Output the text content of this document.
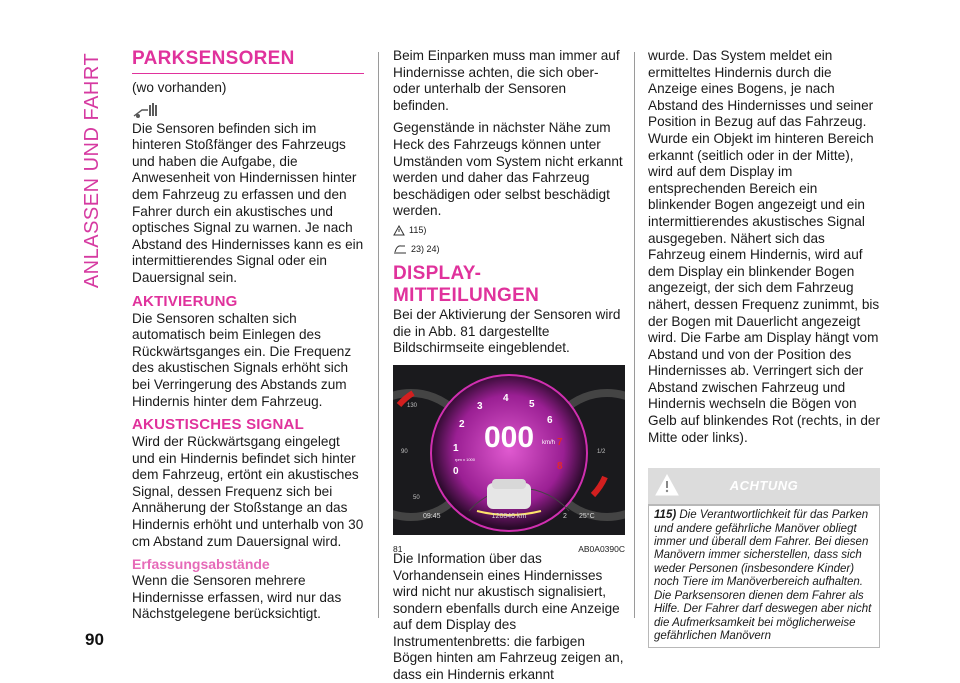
ANLASSEN UND FAHRT PARKSENSOREN

(wo vorhanden)

Die Sensoren befinden sich im hinteren Stoßfänger des Fahrzeugs und haben die Aufgabe, die Anwesenheit von Hindernissen hinter dem Fahrzeug zu erfassen und den Fahrer durch ein akustisches und optisches Signal zu warnen. Je nach Abstand des Hindernisses kann es ein intermittierendes Signal oder ein Dauersignal sein.

AKTIVIERUNG

Die Sensoren schalten sich automatisch beim Einlegen des Rückwärtsganges ein. Die Frequenz des akustischen Signals erhöht sich bei Verringerung des Abstands zum Hindernis hinter dem Fahrzeug.

AKUSTISCHES SIGNAL

Wird der Rückwärtsgang eingelegt und ein Hindernis befindet sich hinter dem Fahrzeug, ertönt ein akustisches Signal, dessen Frequenz sich bei Annäherung der Stoßstange an das Hindernis erhöht und unterhalb von 30 cm Abstand zum Dauersignal wird.

Erfassungsabstände

Wenn die Sensoren mehrere Hindernisse erfassen, wird nur das Nächstgelegene berücksichtigt.

Beim Einparken muss man immer auf Hindernisse achten, die sich ober- oder unterhalb der Sensoren befinden.

Gegenstände in nächster Nähe zum Heck des Fahrzeugs können unter Umständen vom System nicht erkannt werden und daher das Fahrzeug beschädigen oder selbst beschädigt werden.

115)
23) 24)
DISPLAY-MITTEILUNGEN

Bei der Aktivierung der Sensoren wird die in Abb. 81 dargestellte Bildschirmseite eingeblendet.

000 km/h
0
1
2
3
4
5
6
7
8
rpm x 1000
130
90
50
1/2
09:45	120846 km	2 25°C
81	AB0A0390C

Die Information über das Vorhandensein eines Hindernisses wird nicht nur akustisch signalisiert, sondern ebenfalls durch eine Anzeige auf dem Display des Instrumentenbretts: die farbigen Bögen hinten am Fahrzeug zeigen an, dass ein Hindernis erkannt

wurde. Das System meldet ein ermitteltes Hindernis durch die Anzeige eines Bogens, je nach Abstand des Hindernisses und seiner Position in Bezug auf das Fahrzeug. Wurde ein Objekt im hinteren Bereich erkannt (seitlich oder in der Mitte), wird auf dem Display im entsprechenden Bereich ein blinkender Bogen angezeigt und ein intermittierendes akustisches Signal ausgegeben. Nähert sich das Fahrzeug einem Hindernis, wird auf dem Display ein blinkender Bogen angezeigt, der sich dem Fahrzeug nähert, dessen Frequenz zunimmt, bis der Bogen mit Dauerlicht angezeigt wird. Die Farbe am Display hängt vom Abstand und von der Position des Hindernisses ab. Verringert sich der Abstand zwischen Fahrzeug und Hindernis wechseln die Bögen von Gelb auf blinkendes Rot (rechts, in der Mitte oder links).

ACHTUNG
115) Die Verantwortlichkeit für das Parken und andere gefährliche Manöver obliegt immer und überall dem Fahrer. Bei diesen Manövern immer sicherstellen, dass sich weder Personen (insbesondere Kinder) noch Tiere im Manöverbereich aufhalten. Die Parksensoren dienen dem Fahrer als Hilfe. Der Fahrer darf deswegen aber nicht die Aufmerksamkeit bei möglicherweise gefährlichen Manövern
90
